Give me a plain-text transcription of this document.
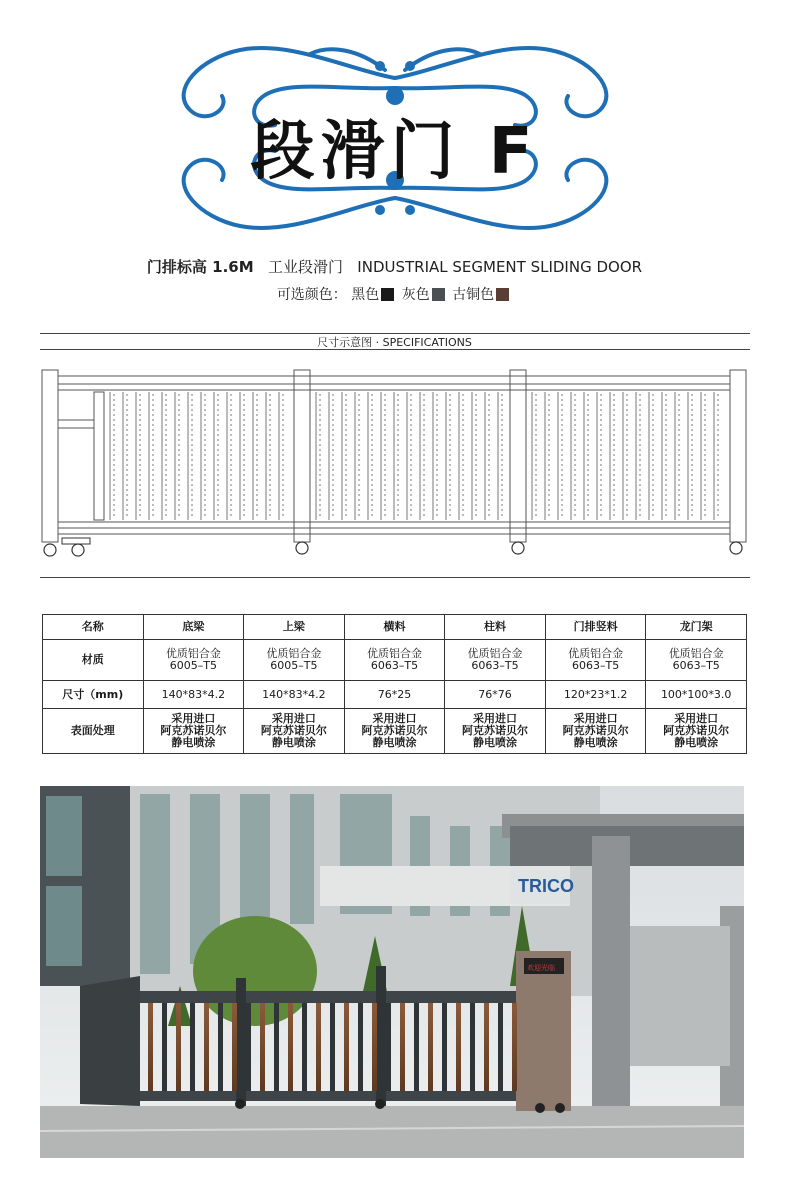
段滑门 F
门排标高 1.6M 工业段滑门 INDUSTRIAL SEGMENT SLIDING DOOR
可选颜色： 黑色 灰色 古铜色
尺寸示意图 · SPECIFICATIONS
名称	底梁	上梁	横料	柱料	门排竖料	龙门架
材质	优质铝合金
6005–T5	优质铝合金
6005–T5	优质铝合金
6063–T5	优质铝合金
6063–T5	优质铝合金
6063–T5	优质铝合金
6063–T5

尺寸（mm)	140*83*4.2	140*83*4.2	76*25	76*76	120*23*1.2	100*100*3.0
表面处理	采用进口
阿克苏诺贝尔
静电喷涂	采用进口
阿克苏诺贝尔
静电喷涂	采用进口
阿克苏诺贝尔
静电喷涂	采用进口
阿克苏诺贝尔
静电喷涂	采用进口
阿克苏诺贝尔
静电喷涂	采用进口
阿克苏诺贝尔
静电喷涂
TRICO
欢迎光临
